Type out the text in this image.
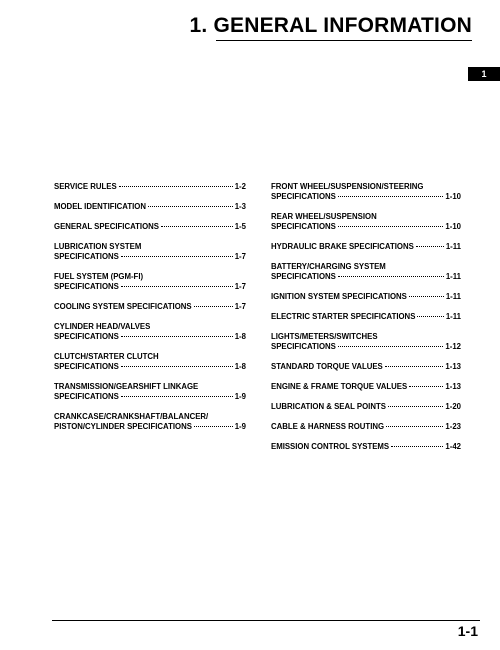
1. GENERAL INFORMATION
1
SERVICE RULES	1-2
MODEL IDENTIFICATION	1-3
GENERAL SPECIFICATIONS	1-5
LUBRICATION SYSTEM
SPECIFICATIONS	1-7
FUEL SYSTEM (PGM-FI)
SPECIFICATIONS	1-7
COOLING SYSTEM SPECIFICATIONS	1-7
CYLINDER HEAD/VALVES
SPECIFICATIONS	1-8
CLUTCH/STARTER CLUTCH
SPECIFICATIONS	1-8
TRANSMISSION/GEARSHIFT LINKAGE
SPECIFICATIONS	1-9
CRANKCASE/CRANKSHAFT/BALANCER/
PISTON/CYLINDER SPECIFICATIONS	1-9
FRONT WHEEL/SUSPENSION/STEERING
SPECIFICATIONS	1-10
REAR WHEEL/SUSPENSION
SPECIFICATIONS	1-10
HYDRAULIC BRAKE SPECIFICATIONS	1-11
BATTERY/CHARGING SYSTEM
SPECIFICATIONS	1-11
IGNITION SYSTEM SPECIFICATIONS	1-11
ELECTRIC STARTER SPECIFICATIONS	1-11
LIGHTS/METERS/SWITCHES
SPECIFICATIONS	1-12
STANDARD TORQUE VALUES	1-13
ENGINE & FRAME TORQUE VALUES	1-13
LUBRICATION & SEAL POINTS	1-20
CABLE & HARNESS ROUTING	1-23
EMISSION CONTROL SYSTEMS	1-42
1-1
